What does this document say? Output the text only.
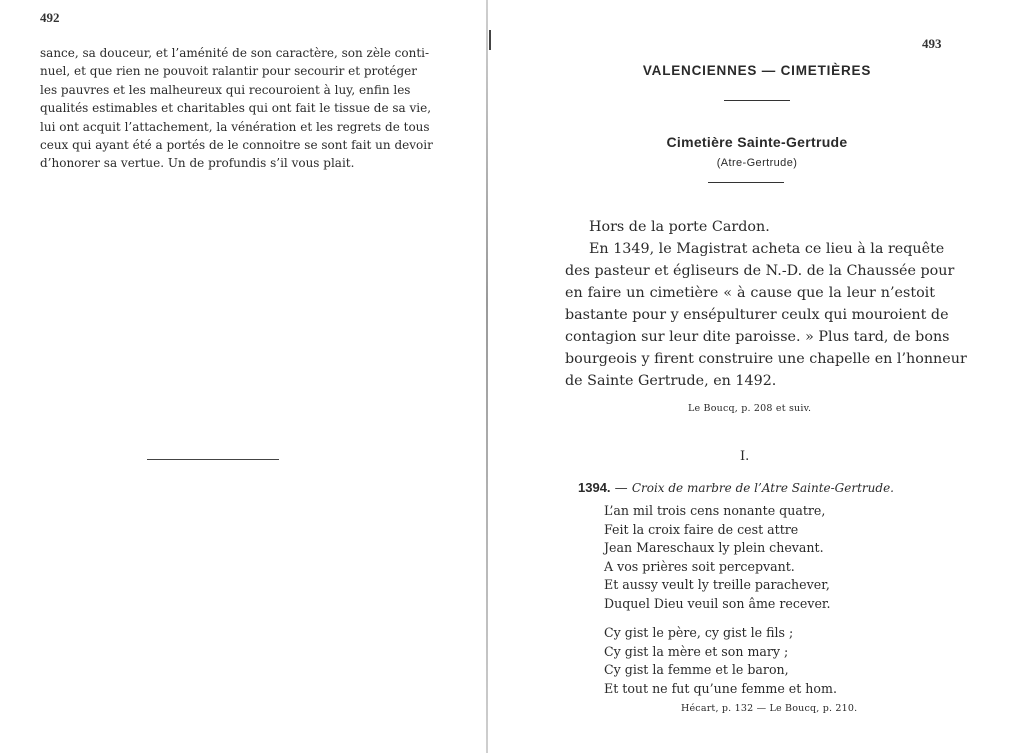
492
sance, sa douceur, et l’aménité de son caractère, son zèle conti-
nuel, et que rien ne pouvoit ralantir pour secourir et protéger
les pauvres et les malheureux qui recouroient à luy, enfin les
qualités estimables et charitables qui ont fait le tissue de sa vie,
lui ont acquit l’attachement, la vénération et les regrets de tous
ceux qui ayant été a portés de le connoitre se sont fait un devoir
d’honorer sa vertue. Un de profundis s’il vous plait.
493
VALENCIENNES — CIMETIÈRES
Cimetière Sainte-Gertrude
(Atre-Gertrude)
Hors de la porte Cardon.
En 1349, le Magistrat acheta ce lieu à la requête
des pasteur et égliseurs de N.-D. de la Chaussée pour
en faire un cimetière « à cause que la leur n’estoit
bastante pour y ensépulturer ceulx qui mouroient de
contagion sur leur dite paroisse. » Plus tard, de bons
bourgeois y firent construire une chapelle en l’honneur
de Sainte Gertrude, en 1492.
Le Boucq, p. 208 et suiv.
I.
1394. — Croix de marbre de l’Atre Sainte-Gertrude.
L’an mil trois cens nonante quatre,
Feit la croix faire de cest attre
Jean Mareschaux ly plein chevant.
A vos prières soit percepvant.
Et aussy veult ly treille parachever,
Duquel Dieu veuil son âme recever.
Cy gist le père, cy gist le fils ;
Cy gist la mère et son mary ;
Cy gist la femme et le baron,
Et tout ne fut qu’une femme et hom.
Hécart, p. 132 — Le Boucq, p. 210.
